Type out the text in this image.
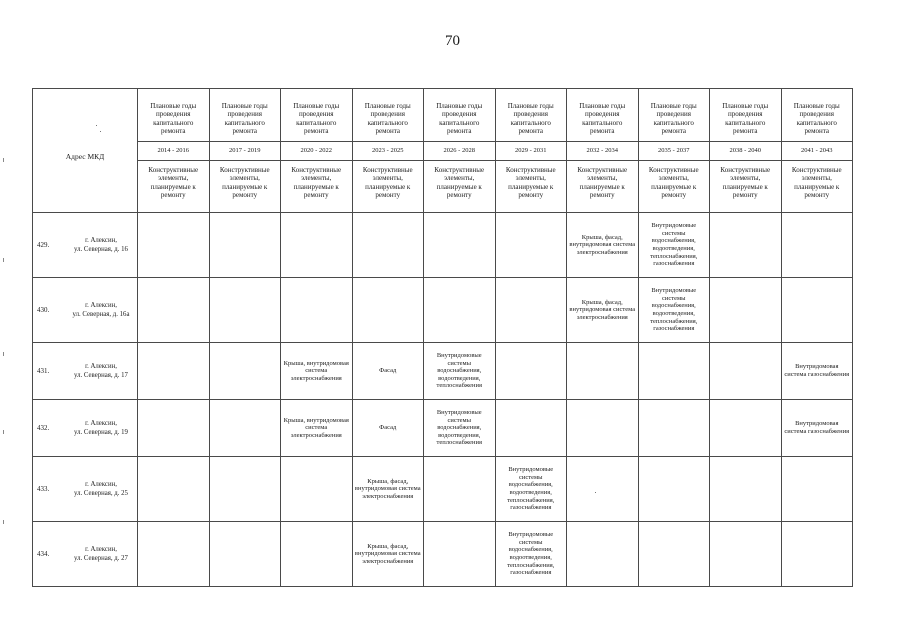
70
Адрес МКД	Плановые годы проведения капитального ремонта	Плановые годы проведения капитального ремонта	Плановые годы проведения капитального ремонта	Плановые годы проведения капитального ремонта	Плановые годы проведения капитального ремонта	Плановые годы проведения капитального ремонта	Плановые годы проведения капитального ремонта	Плановые годы проведения капитального ремонта	Плановые годы проведения капитального ремонта	Плановые годы проведения капитального ремонта
	2014 - 2016	2017 - 2019	2020 - 2022	2023 - 2025	2026 - 2028	2029 - 2031	2032 - 2034	2035 - 2037	2038 - 2040	2041 - 2043
	Конструктивные элементы, планируемые к ремонту	Конструктивные элементы, планируемые к ремонту	Конструктивные элементы, планируемые к ремонту	Конструктивные элементы, планируемые к ремонту	Конструктивные элементы, планируемые к ремонту	Конструктивные элементы, планируемые к ремонту	Конструктивные элементы, планируемые к ремонту	Конструктивные элементы, планируемые к ремонту	Конструктивные элементы, планируемые к ремонту	Конструктивные элементы, планируемые к ремонту

429.
г. Алексин,
ул. Северная, д. 16							Крыша, фасад, внутридомовая система электроснабжения	Внутридомовые системы водоснабжения, водоотведения, теплоснабжения, газоснабжения		

430.
г. Алексин,
ул. Северная, д. 16а							Крыша, фасад, внутридомовая система электроснабжения	Внутридомовые системы водоснабжения, водоотведения, теплоснабжения, газоснабжения		

431.
г. Алексин,
ул. Северная, д. 17			Крыша, внутридомовая система электроснабжения	Фасад	Внутридомовые системы водоснабжения, водоотведения, теплоснабжения					Внутридомовая система газоснабжения

432.
г. Алексин,
ул. Северная, д. 19			Крыша, внутридомовая система электроснабжения	Фасад	Внутридомовые системы водоснабжения, водоотведения, теплоснабжения					Внутридомовая система газоснабжения

433.
г. Алексин,
ул. Северная, д. 25				Крыша, фасад, внутридомовая система электроснабжения		Внутридомовые системы водоснабжения, водоотведения, теплоснабжения, газоснабжения				

434.
г. Алексин,
ул. Северная, д. 27				Крыша, фасад, внутридомовая система электроснабжения		Внутридомовые системы водоснабжения, водоотведения, теплоснабжения, газоснабжения				
